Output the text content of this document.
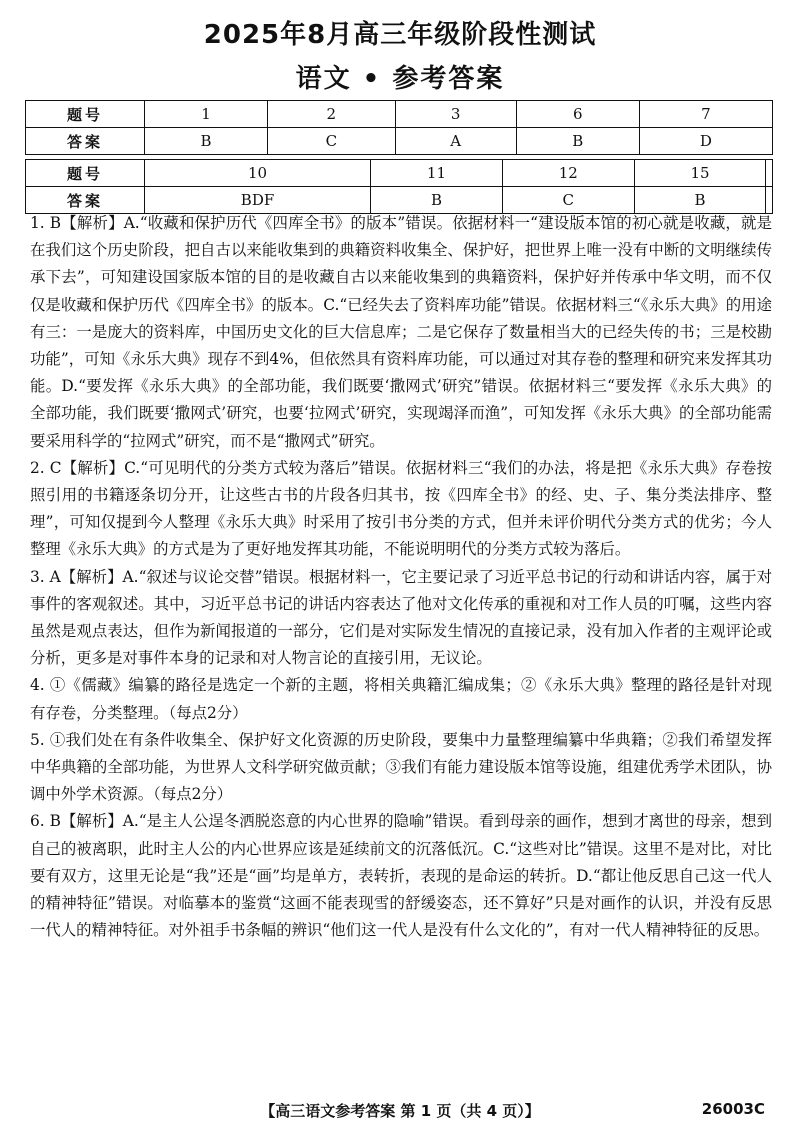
2025年8月高三年级阶段性测试
语文 • 参考答案
题号	1	2	3	6	7
答案	B	C	A	B	D
题号	10	11	12	15	
答案	BDF	B	C	B	

1. B【解析】A.“收藏和保护历代《四库全书》的版本”错误。依据材料一“建设版本馆的初心就是收藏，就是在我们这个历史阶段，把自古以来能收集到的典籍资料收集全、保护好，把世界上唯一没有中断的文明继续传承下去”，可知建设国家版本馆的目的是收藏自古以来能收集到的典籍资料，保护好并传承中华文明，而不仅仅是收藏和保护历代《四库全书》的版本。C.“已经失去了资料库功能”错误。依据材料三“《永乐大典》的用途有三：一是庞大的资料库，中国历史文化的巨大信息库；二是它保存了数量相当大的已经失传的书；三是校勘功能”，可知《永乐大典》现存不到4%，但依然具有资料库功能，可以通过对其存卷的整理和研究来发挥其功能。D.“要发挥《永乐大典》的全部功能，我们既要‘撒网式’研究”错误。依据材料三“要发挥《永乐大典》的全部功能，我们既要‘撒网式’研究，也要‘拉网式’研究，实现竭泽而渔”，可知发挥《永乐大典》的全部功能需要采用科学的“拉网式”研究，而不是“撒网式”研究。

2. C【解析】C.“可见明代的分类方式较为落后”错误。依据材料三“我们的办法，将是把《永乐大典》存卷按照引用的书籍逐条切分开，让这些古书的片段各归其书，按《四库全书》的经、史、子、集分类法排序、整理”，可知仅提到今人整理《永乐大典》时采用了按引书分类的方式，但并未评价明代分类方式的优劣；今人整理《永乐大典》的方式是为了更好地发挥其功能，不能说明明代的分类方式较为落后。

3. A【解析】A.“叙述与议论交替”错误。根据材料一，它主要记录了习近平总书记的行动和讲话内容，属于对事件的客观叙述。其中，习近平总书记的讲话内容表达了他对文化传承的重视和对工作人员的叮嘱，这些内容虽然是观点表达，但作为新闻报道的一部分，它们是对实际发生情况的直接记录，没有加入作者的主观评论或分析，更多是对事件本身的记录和对人物言论的直接引用，无议论。

4. ①《儒藏》编纂的路径是选定一个新的主题，将相关典籍汇编成集；②《永乐大典》整理的路径是针对现有存卷，分类整理。（每点2分）

5. ①我们处在有条件收集全、保护好文化资源的历史阶段，要集中力量整理编纂中华典籍；②我们希望发挥中华典籍的全部功能，为世界人文科学研究做贡献；③我们有能力建设版本馆等设施，组建优秀学术团队，协调中外学术资源。（每点2分）

6. B【解析】A.“是主人公逞冬洒脱恣意的内心世界的隐喻”错误。看到母亲的画作，想到才离世的母亲，想到自己的被离职，此时主人公的内心世界应该是延续前文的沉落低沉。C.“这些对比”错误。这里不是对比，对比要有双方，这里无论是“我”还是“画”均是单方，表转折，表现的是命运的转折。D.“都让他反思自己这一代人的精神特征”错误。对临摹本的鉴赏“这画不能表现雪的舒缓姿态，还不算好”只是对画作的认识，并没有反思一代人的精神特征。对外祖手书条幅的辨识“他们这一代人是没有什么文化的”，有对一代人精神特征的反思。

【高三语文参考答案 第 1 页（共 4 页）】	26003C
